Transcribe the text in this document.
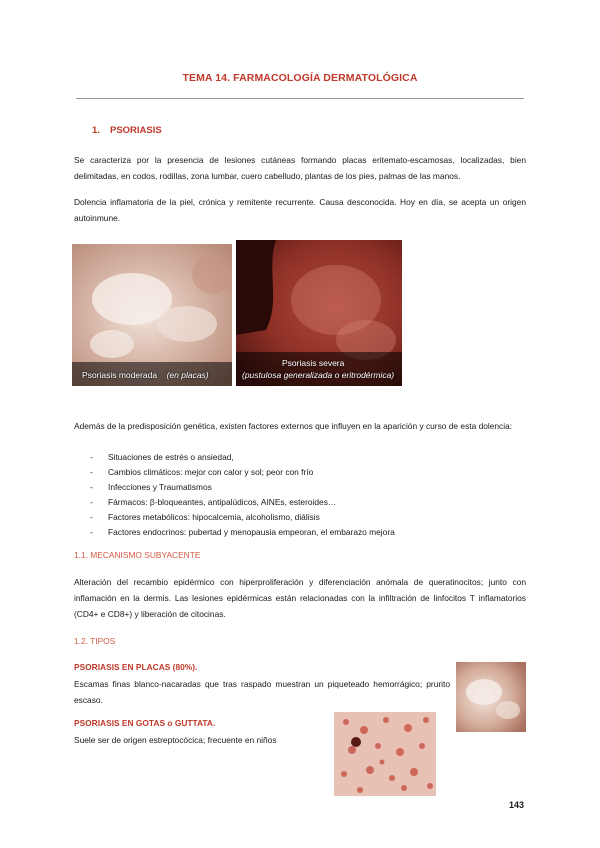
TEMA 14. FARMACOLOGÍA DERMATOLÓGICA
1. PSORIASIS
Se caracteriza por la presencia de lesiones cutáneas formando placas eritemato-escamosas, localizadas, bien delimitadas, en codos, rodillas, zona lumbar, cuero cabelludo, plantas de los pies, palmas de las manos.
Dolencia inflamatoria de la piel, crónica y remitente recurrente. Causa desconocida. Hoy en día, se acepta un origen autoinmune.
Psoriasis moderada (en placas)
Psoriasis severa
(pustulosa generalizada o eritrodérmica)
Además de la predisposición genética, existen factores externos que influyen en la aparición y curso de esta dolencia:
- Situaciones de estrés o ansiedad,
- Cambios climáticos: mejor con calor y sol; peor con frío
- Infecciones y Traumatismos
- Fármacos: β-bloqueantes, antipalúdicos, AINEs, esteroides…
- Factores metabólicos: hipocalcemia, alcoholismo, diálisis
- Factores endocrinos: pubertad y menopausia empeoran, el embarazo mejora
1.1. MECANISMO SUBYACENTE
Alteración del recambio epidérmico con hiperproliferación y diferenciación anómala de queratinocitos; junto con inflamación en la dermis. Las lesiones epidérmicas están relacionadas con la infiltración de linfocitos T inflamatorios (CD4+ e CD8+) y liberación de citocinas.
1.2. TIPOS
PSORIASIS EN PLACAS (80%).
Escamas finas blanco-nacaradas que tras raspado muestran un piqueteado hemorrágico; prurito escaso.
PSORIASIS EN GOTAS o GUTTATA.
Suele ser de origen estreptocócica; frecuente en niños
143
